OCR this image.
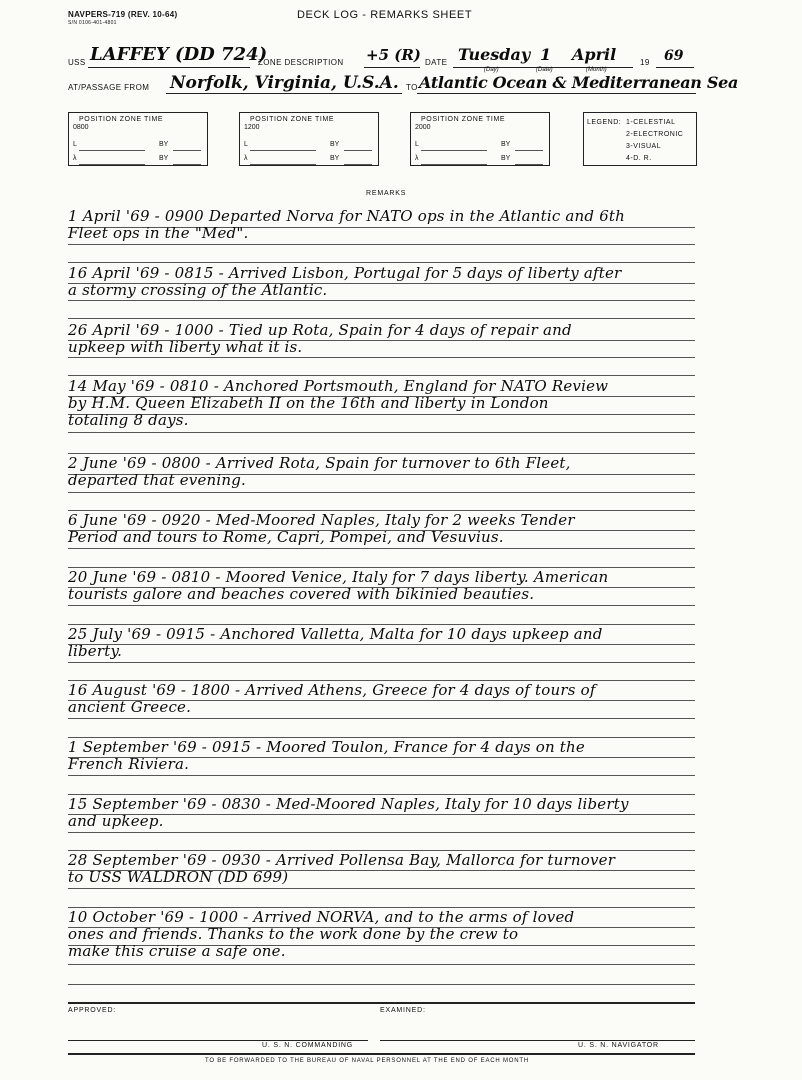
NAVPERS-719 (REV. 10-64)
S/N 0106-401-4801
DECK LOG - REMARKS SHEET
USS LAFFEY (DD 724)
ZONE DESCRIPTION +5 (R) DATE Tuesday 1 April	19 69
(Day)	(Date)	(Month)
AT/PASSAGE FROM Norfolk, Virginia, U.S.A. TO Atlantic Ocean & Mediterranean Sea
POSITION ZONE TIME
0800
L	BY
λ	BY
POSITION ZONE TIME
1200
L	BY
λ	BY
POSITION ZONE TIME
2000
L	BY
λ	BY
LEGEND: 1-CELESTIAL
2-ELECTRONIC
3-VISUAL
4-D. R.
REMARKS
1 April '69 - 0900 Departed Norva for NATO ops in the Atlantic and 6th
Fleet ops in the "Med".
16 April '69 - 0815 - Arrived Lisbon, Portugal for 5 days of liberty after
a stormy crossing of the Atlantic.
26 April '69 - 1000 - Tied up Rota, Spain for 4 days of repair and
upkeep with liberty what it is.
14 May '69 - 0810 - Anchored Portsmouth, England for NATO Review
by H.M. Queen Elizabeth II on the 16th and liberty in London
totaling 8 days.
2 June '69 - 0800 - Arrived Rota, Spain for turnover to 6th Fleet,
departed that evening.
6 June '69 - 0920 - Med-Moored Naples, Italy for 2 weeks Tender
Period and tours to Rome, Capri, Pompei, and Vesuvius.
20 June '69 - 0810 - Moored Venice, Italy for 7 days liberty. American
tourists galore and beaches covered with bikinied beauties.
25 July '69 - 0915 - Anchored Valletta, Malta for 10 days upkeep and
liberty.
16 August '69 - 1800 - Arrived Athens, Greece for 4 days of tours of
ancient Greece.
1 September '69 - 0915 - Moored Toulon, France for 4 days on the
French Riviera.
15 September '69 - 0830 - Med-Moored Naples, Italy for 10 days liberty
and upkeep.
28 September '69 - 0930 - Arrived Pollensa Bay, Mallorca for turnover
to USS WALDRON (DD 699)
10 October '69 - 1000 - Arrived NORVA, and to the arms of loved
ones and friends. Thanks to the work done by the crew to
make this cruise a safe one.
APPROVED:	EXAMINED:
U. S. N. COMMANDING	U. S. N. NAVIGATOR
TO BE FORWARDED TO THE BUREAU OF NAVAL PERSONNEL AT THE END OF EACH MONTH
